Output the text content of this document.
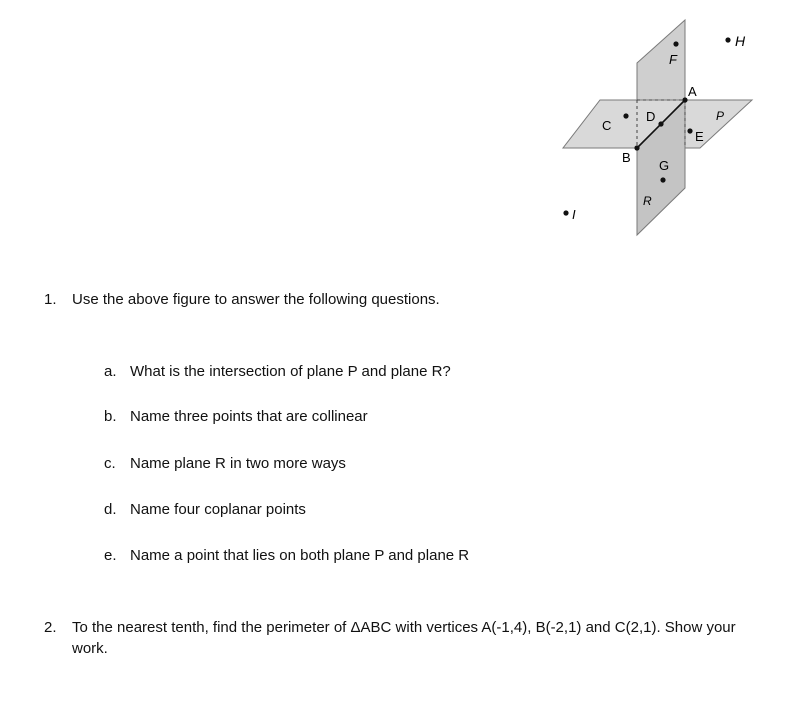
H
F
A
C
D
E
P
B
G
R
I
1.	Use the above figure to answer the following questions.
a. What is the intersection of plane P and plane R?
b. Name three points that are collinear
c. Name plane R in two more ways
d. Name four coplanar points
e. Name a point that lies on both plane P and plane R
2.	To the nearest tenth, find the perimeter of ΔABC with vertices A(-1,4), B(-2,1) and C(2,1). Show your work.
